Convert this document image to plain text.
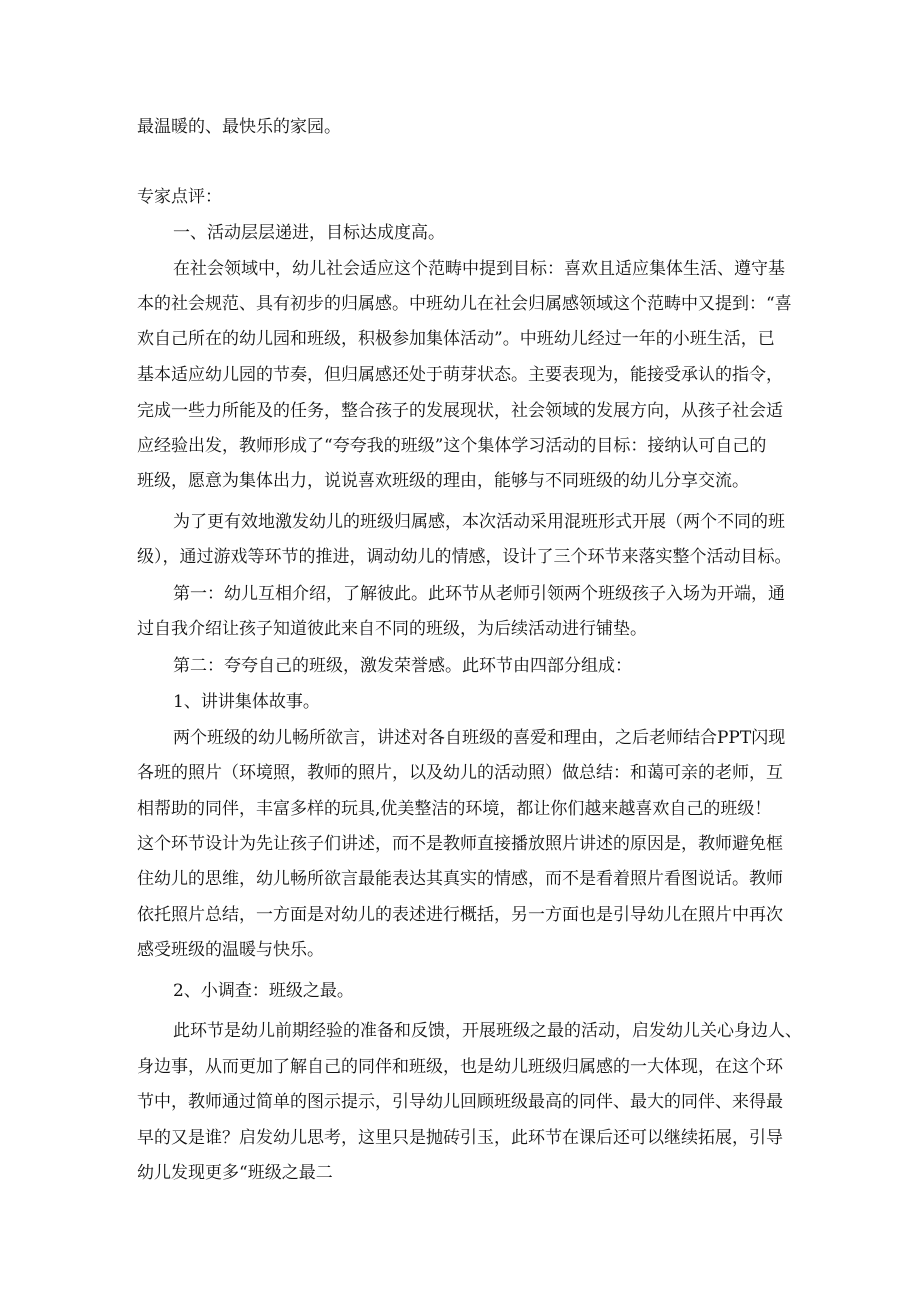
最温暖的、最快乐的家园。

专家点评：

一、活动层层递进，目标达成度高。

在社会领域中，幼儿社会适应这个范畴中提到目标：喜欢且适应集体生活、遵守基

本的社会规范、具有初步的归属感。中班幼儿在社会归属感领域这个范畴中又提到：“喜

欢自己所在的幼儿园和班级，积极参加集体活动”。中班幼儿经过一年的小班生活，已

基本适应幼儿园的节奏，但归属感还处于萌芽状态。主要表现为，能接受承认的指令，

完成一些力所能及的任务，整合孩子的发展现状，社会领域的发展方向，从孩子社会适

应经验出发，教师形成了“夸夸我的班级”这个集体学习活动的目标：接纳认可自己的

班级，愿意为集体出力，说说喜欢班级的理由，能够与不同班级的幼儿分享交流。

为了更有效地激发幼儿的班级归属感，本次活动采用混班形式开展（两个不同的班

级），通过游戏等环节的推进，调动幼儿的情感，设计了三个环节来落实整个活动目标。

第一：幼儿互相介绍，了解彼此。此环节从老师引领两个班级孩子入场为开端，通

过自我介绍让孩子知道彼此来自不同的班级，为后续活动进行铺垫。

第二：夸夸自己的班级，激发荣誉感。此环节由四部分组成：

1、讲讲集体故事。

两个班级的幼儿畅所欲言，讲述对各自班级的喜爱和理由，之后老师结合PPT闪现

各班的照片（环境照，教师的照片，以及幼儿的活动照）做总结：和蔼可亲的老师，互

相帮助的同伴，丰富多样的玩具,优美整洁的环境，都让你们越来越喜欢自己的班级！

这个环节设计为先让孩子们讲述，而不是教师直接播放照片讲述的原因是，教师避免框

住幼儿的思维，幼儿畅所欲言最能表达其真实的情感，而不是看着照片看图说话。教师

依托照片总结，一方面是对幼儿的表述进行概括，另一方面也是引导幼儿在照片中再次

感受班级的温暖与快乐。

2、小调查：班级之最。

此环节是幼儿前期经验的准备和反馈，开展班级之最的活动，启发幼儿关心身边人、

身边事，从而更加了解自己的同伴和班级，也是幼儿班级归属感的一大体现，在这个环

节中，教师通过简单的图示提示，引导幼儿回顾班级最高的同伴、最大的同伴、来得最

早的又是谁？启发幼儿思考，这里只是抛砖引玉，此环节在课后还可以继续拓展，引导

幼儿发现更多“班级之最二
